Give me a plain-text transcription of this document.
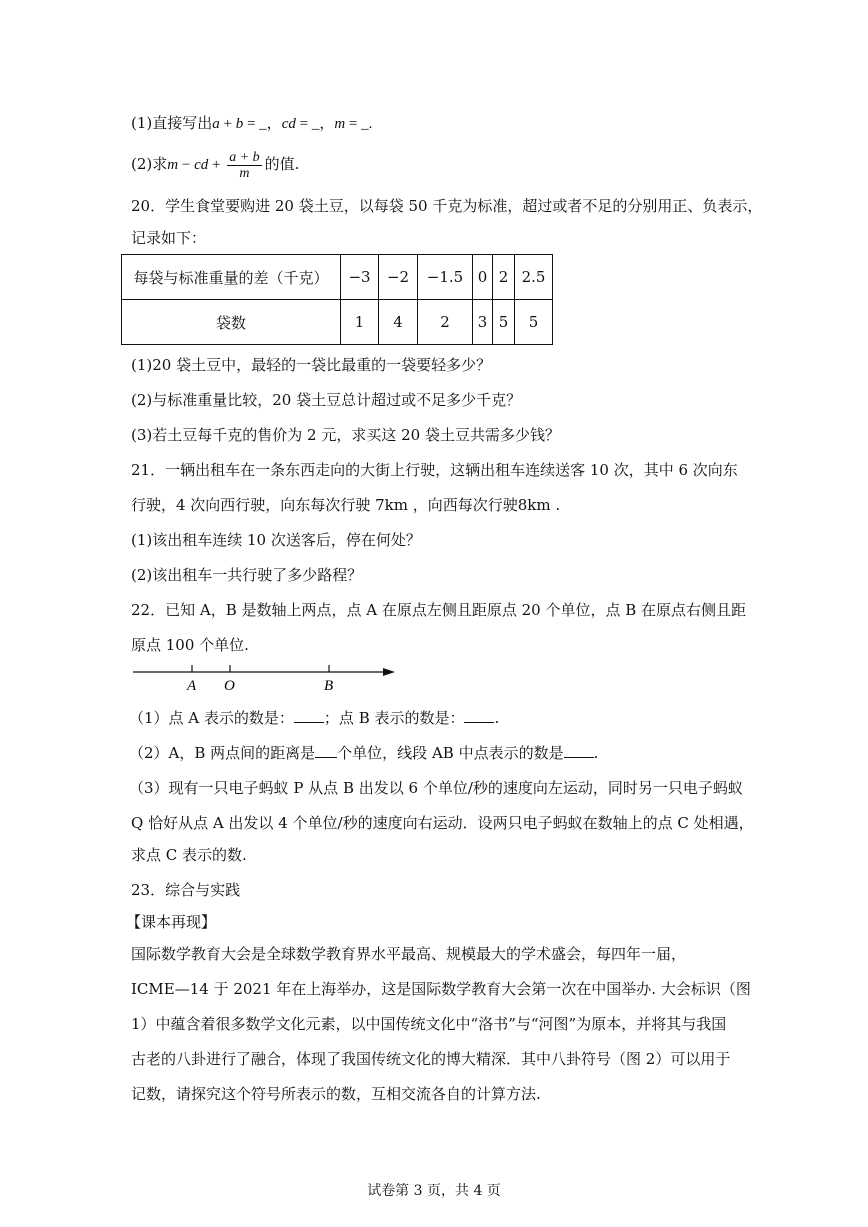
(1)直接写出a + b = _，cd = _，m = _.
(2)求m − cd + $\frac{a + b}{m}$ 的值.
20．学生食堂要购进 20 袋土豆，以每袋 50 千克为标准，超过或者不足的分别用正、负表示，
记录如下：
每袋与标准重量的差（千克）	−3	−2	−1.5	0	2	2.5
袋数	1	4	2	3	5	5
(1)20 袋土豆中，最轻的一袋比最重的一袋要轻多少？
(2)与标准重量比较，20 袋土豆总计超过或不足多少千克？
(3)若土豆每千克的售价为 2 元，求买这 20 袋土豆共需多少钱？
21．一辆出租车在一条东西走向的大街上行驶，这辆出租车连续送客 10 次，其中 6 次向东
行驶，4 次向西行驶，向东每次行驶 7km ，向西每次行驶8km .
(1)该出租车连续 10 次送客后，停在何处？
(2)该出租车一共行驶了多少路程？
22．已知 A，B 是数轴上两点，点 A 在原点左侧且距原点 20 个单位，点 B 在原点右侧且距
原点 100 个单位.
A O	B
（1）点 A 表示的数是： ；点 B 表示的数是： .
（2）A，B 两点间的距离是 个单位，线段 AB 中点表示的数是 .
（3）现有一只电子蚂蚁 P 从点 B 出发以 6 个单位/秒的速度向左运动，同时另一只电子蚂蚁
Q 恰好从点 A 出发以 4 个单位/秒的速度向右运动．设两只电子蚂蚁在数轴上的点 C 处相遇，
求点 C 表示的数.
23．综合与实践
【课本再现】
国际数学教育大会是全球数学教育界水平最高、规模最大的学术盛会，每四年一届，
ICME—14 于 2021 年在上海举办，这是国际数学教育大会第一次在中国举办. 大会标识（图
1）中蕴含着很多数学文化元素，以中国传统文化中“洛书”与“河图”为原本，并将其与我国
古老的八卦进行了融合，体现了我国传统文化的博大精深．其中八卦符号（图 2）可以用于
记数，请探究这个符号所表示的数，互相交流各自的计算方法.
试卷第 3 页，共 4 页
